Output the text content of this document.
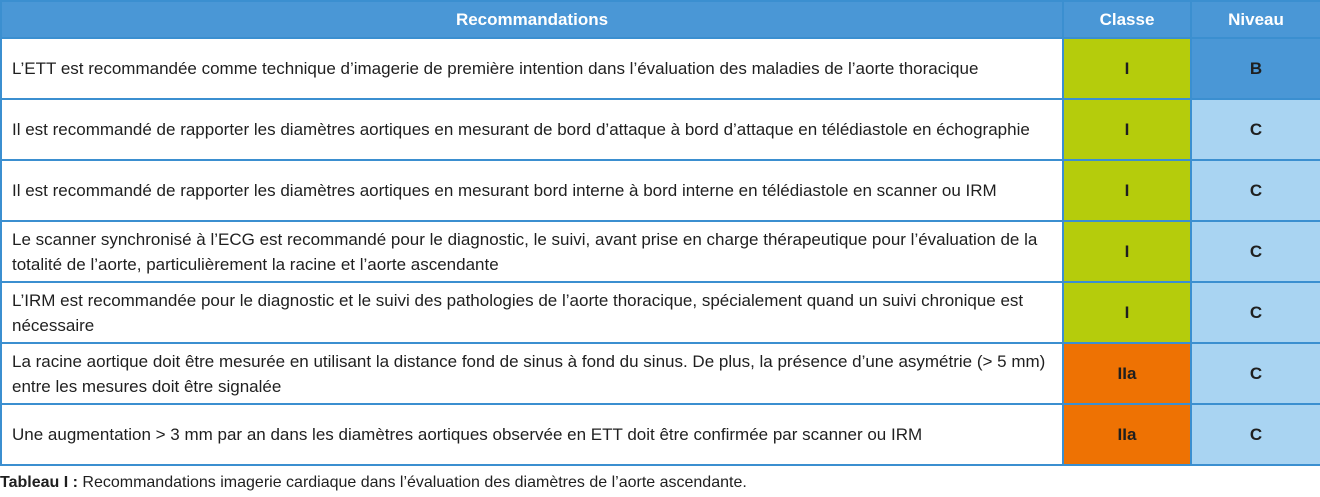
Recommandations	Classe	Niveau
L’ETT est recommandée comme technique d’imagerie de première intention dans l’évaluation des maladies de l’aorte thoracique	I	B
Il est recommandé de rapporter les diamètres aortiques en mesurant de bord d’attaque à bord d’attaque en télédiastole en échographie	I	C
Il est recommandé de rapporter les diamètres aortiques en mesurant bord interne à bord interne en télédiastole en scanner ou IRM	I	C
Le scanner synchronisé à l’ECG est recommandé pour le diagnostic, le suivi, avant prise en charge thérapeutique pour l’évaluation de la totalité de l’aorte, particulièrement la racine et l’aorte ascendante	I	C
L’IRM est recommandée pour le diagnostic et le suivi des pathologies de l’aorte thoracique, spécialement quand un suivi chronique est nécessaire	I	C
La racine aortique doit être mesurée en utilisant la distance fond de sinus à fond du sinus. De plus, la présence d’une asymétrie (> 5 mm) entre les mesures doit être signalée	IIa	C
Une augmentation > 3 mm par an dans les diamètres aortiques observée en ETT doit être confirmée par scanner ou IRM	IIa	C
Tableau I : Recommandations imagerie cardiaque dans l’évaluation des diamètres de l’aorte ascendante.
